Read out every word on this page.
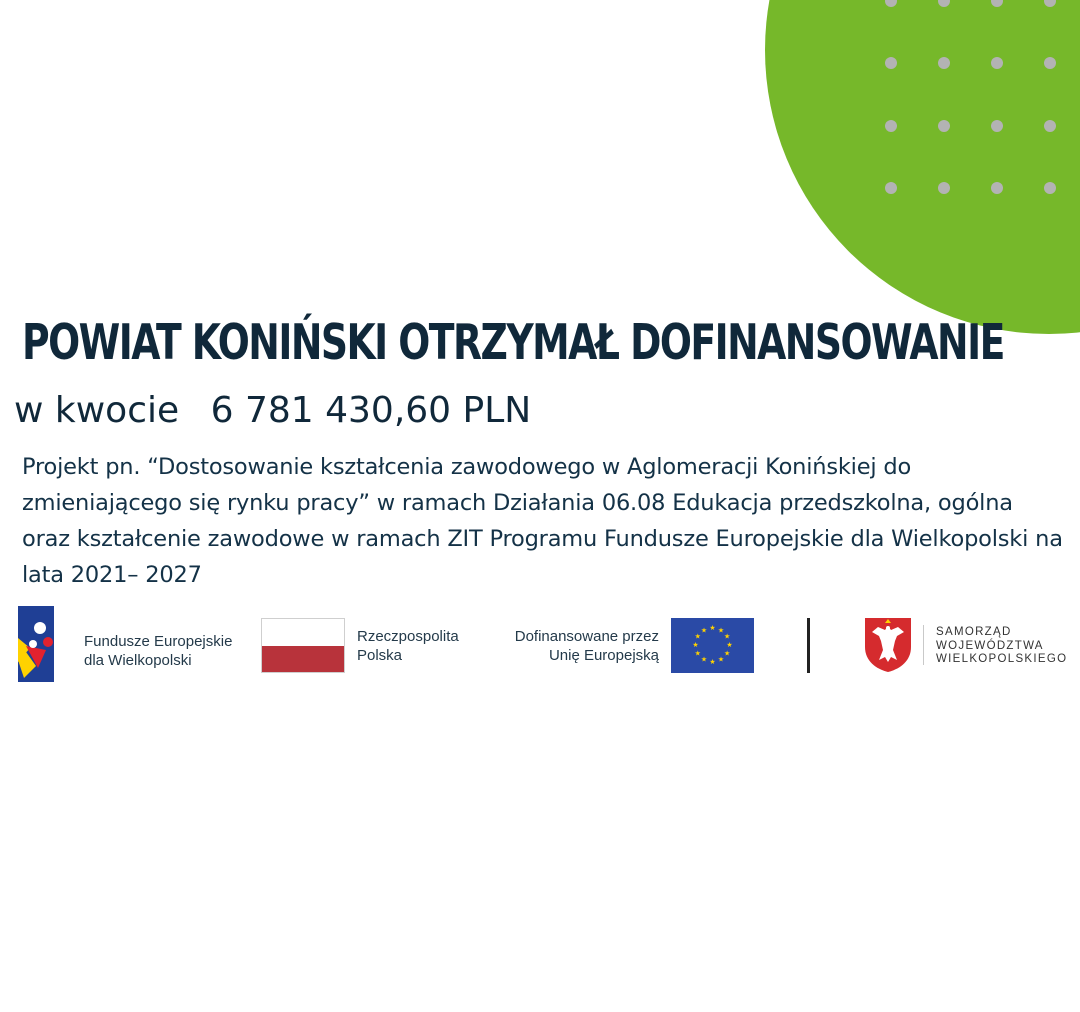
POWIAT KONIŃSKI OTRZYMAŁ DOFINANSOWANIE

w kwocie 6 781 430,60 PLN

Projekt pn. “Dostosowanie kształcenia zawodowego w Aglomeracji Konińskiej do zmieniającego się rynku pracy” w ramach Działania 06.08 Edukacja przedszkolna, ogólna oraz kształcenie zawodowe w ramach ZIT Programu Fundusze Europejskie dla Wielkopolski na lata 2021– 2027

Fundusze Europejskie
dla Wielkopolski
Rzeczpospolita
Polska
Dofinansowane przez
Unię Europejską
★ ★
★
★
★
★
★
★
★
★
★
★	SAMORZĄD
WOJEWÓDZTWA
WIELKOPOLSKIEGO
